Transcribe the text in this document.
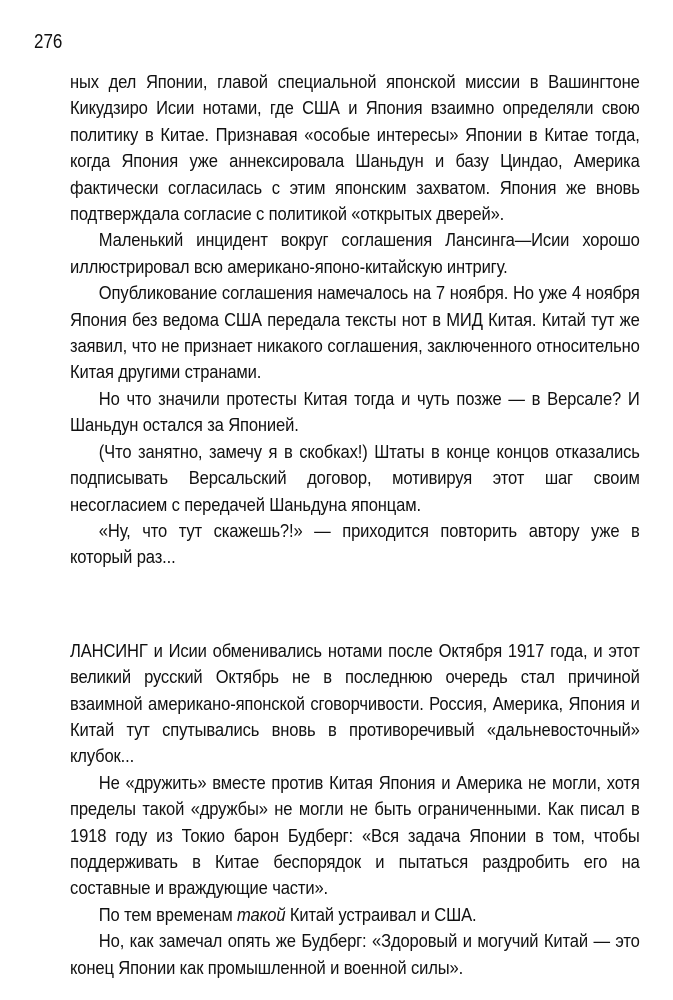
276

ных дел Японии, главой специальной японской миссии в Вашингтоне Кикудзиро Исии нотами, где США и Япония взаимно определяли свою политику в Китае. Признавая «особые интересы» Японии в Китае тогда, когда Япония уже аннексировала Шаньдун и базу Циндао, Америка фактически согласилась с этим японским захватом. Япония же вновь подтверждала согласие с политикой «открытых дверей».

Маленький инцидент вокруг соглашения Лансинга—Исии хорошо иллюстрировал всю американо-японо-китайскую интригу.

Опубликование соглашения намечалось на 7 ноября. Но уже 4 ноября Япония без ведома США передала тексты нот в МИД Китая. Китай тут же заявил, что не признает никакого соглашения, заключенного относительно Китая другими странами.

Но что значили протесты Китая тогда и чуть позже — в Версале? И Шаньдун остался за Японией.

(Что занятно, замечу я в скобках!) Штаты в конце концов отказались подписывать Версальский договор, мотивируя этот шаг своим несогласием с передачей Шаньдуна японцам.

«Ну, что тут скажешь?!» — приходится повторить автору уже в который раз...

ЛАНСИНГ и Исии обменивались нотами после Октября 1917 года, и этот великий русский Октябрь не в последнюю очередь стал причиной взаимной американо-японской сговорчивости. Россия, Америка, Япония и Китай тут спутывались вновь в противоречивый «дальневосточный» клубок...

Не «дружить» вместе против Китая Япония и Америка не могли, хотя пределы такой «дружбы» не могли не быть ограниченными. Как писал в 1918 году из Токио барон Будберг: «Вся задача Японии в том, чтобы поддерживать в Китае беспорядок и пытаться раздробить его на составные и враждующие части».

По тем временам такой Китай устраивал и США.

Но, как замечал опять же Будберг: «Здоровый и могучий Китай — это конец Японии как промышленной и военной силы».
